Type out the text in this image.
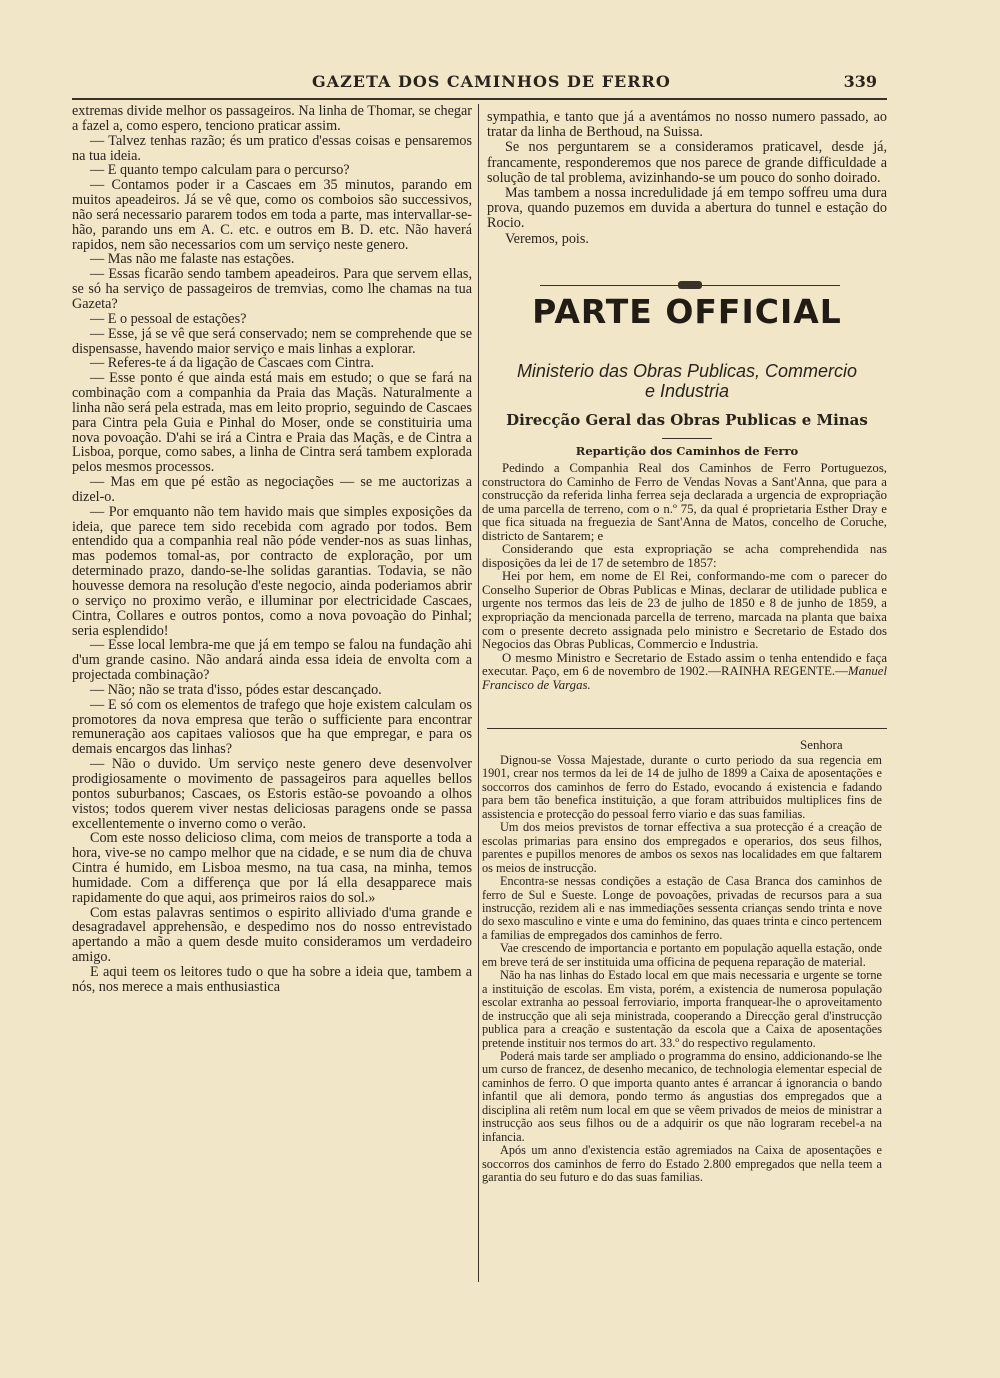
GAZETA DOS CAMINHOS DE FERRO	339

extremas divide melhor os passageiros. Na linha de Thomar, se chegar a fazel a, como espero, tenciono praticar assim.

— Talvez tenhas razão; és um pratico d'essas coisas e pensaremos na tua ideia.

— E quanto tempo calculam para o percurso?

— Contamos poder ir a Cascaes em 35 minutos, parando em muitos apeadeiros. Já se vê que, como os comboios são successivos, não será necessario pararem todos em toda a parte, mas intervallar-se-hão, parando uns em A. C. etc. e outros em B. D. etc. Não haverá rapidos, nem são necessarios com um serviço neste genero.

— Mas não me falaste nas estações.

— Essas ficarão sendo tambem apeadeiros. Para que servem ellas, se só ha serviço de passageiros de tremvias, como lhe chamas na tua Gazeta?

— E o pessoal de estações?

— Esse, já se vê que será conservado; nem se comprehende que se dispensasse, havendo maior serviço e mais linhas a explorar.

— Referes-te á da ligação de Cascaes com Cintra.

— Esse ponto é que ainda está mais em estudo; o que se fará na combinação com a companhia da Praia das Maçãs. Naturalmente a linha não será pela estrada, mas em leito proprio, seguindo de Cascaes para Cintra pela Guia e Pinhal do Moser, onde se constituiria uma nova povoação. D'ahi se irá a Cintra e Praia das Maçãs, e de Cintra a Lisboa, porque, como sabes, a linha de Cintra será tambem explorada pelos mesmos processos.

— Mas em que pé estão as negociações — se me auctorizas a dizel-o.

— Por emquanto não tem havido mais que simples exposições da ideia, que parece tem sido recebida com agrado por todos. Bem entendido qua a companhia real não póde vender-nos as suas linhas, mas podemos tomal-as, por contracto de exploração, por um determinado prazo, dando-se-lhe solidas garantias. Todavia, se não houvesse demora na resolução d'este negocio, ainda poderiamos abrir o serviço no proximo verão, e illuminar por electricidade Cascaes, Cintra, Collares e outros pontos, como a nova povoação do Pinhal; seria esplendido!

— Esse local lembra-me que já em tempo se falou na fundação ahi d'um grande casino. Não andará ainda essa ideia de envolta com a projectada combinação?

— Não; não se trata d'isso, pódes estar descançado.

— E só com os elementos de trafego que hoje existem calculam os promotores da nova empresa que terão o sufficiente para encontrar remuneração aos capitaes valiosos que ha que empregar, e para os demais encargos das linhas?

— Não o duvido. Um serviço neste genero deve desenvolver prodigiosamente o movimento de passageiros para aquelles bellos pontos suburbanos; Cascaes, os Estoris estão-se povoando a olhos vistos; todos querem viver nestas deliciosas paragens onde se passa excellentemente o inverno como o verão.

Com este nosso delicioso clima, com meios de transporte a toda a hora, vive-se no campo melhor que na cidade, e se num dia de chuva Cintra é humido, em Lisboa mesmo, na tua casa, na minha, temos humidade. Com a differença que por lá ella desapparece mais rapidamente do que aqui, aos primeiros raios do sol.»

Com estas palavras sentimos o espirito alliviado d'uma grande e desagradavel apprehensão, e despedimo nos do nosso entrevistado apertando a mão a quem desde muito consideramos um verdadeiro amigo.

E aqui teem os leitores tudo o que ha sobre a ideia que, tambem a nós, nos merece a mais enthusiastica

sympathia, e tanto que já a aventámos no nosso numero passado, ao tratar da linha de Berthoud, na Suissa.

Se nos perguntarem se a consideramos praticavel, desde já, francamente, responderemos que nos parece de grande difficuldade a solução de tal problema, avizinhando-se um pouco do sonho doirado.

Mas tambem a nossa incredulidade já em tempo soffreu uma dura prova, quando puzemos em duvida a abertura do tunnel e estação do Rocio.

Veremos, pois.

PARTE OFFICIAL
Ministerio das Obras Publicas, Commercio
e Industria
Direcção Geral das Obras Publicas e Minas
Repartição dos Caminhos de Ferro

Pedindo a Companhia Real dos Caminhos de Ferro Portuguezos, constructora do Caminho de Ferro de Vendas Novas a Sant'Anna, que para a construcção da referida linha ferrea seja declarada a urgencia de expropriação de uma parcella de terreno, com o n.º 75, da qual é proprietaria Esther Dray e que fica situada na freguezia de Sant'Anna de Matos, concelho de Coruche, districto de Santarem; e

Considerando que esta expropriação se acha comprehendida nas disposições da lei de 17 de setembro de 1857:

Hei por hem, em nome de El Rei, conformando-me com o parecer do Conselho Superior de Obras Publicas e Minas, declarar de utilidade publica e urgente nos termos das leis de 23 de julho de 1850 e 8 de junho de 1859, a expropriação da mencionada parcella de terreno, marcada na planta que baixa com o presente decreto assignada pelo ministro e Secretario de Estado dos Negocios das Obras Publicas, Commercio e Industria.

O mesmo Ministro e Secretario de Estado assim o tenha entendido e faça executar. Paço, em 6 de novembro de 1902.—RAINHA REGENTE.—Manuel Francisco de Vargas.

Senhora

Dignou-se Vossa Majestade, durante o curto periodo da sua regencia em 1901, crear nos termos da lei de 14 de julho de 1899 a Caixa de aposentações e soccorros dos caminhos de ferro do Estado, evocando á existencia e fadando para bem tão benefica instituição, a que foram attribuidos multiplices fins de assistencia e protecção do pessoal ferro viario e das suas familias.

Um dos meios previstos de tornar effectiva a sua protecção é a creação de escolas primarias para ensino dos empregados e operarios, dos seus filhos, parentes e pupillos menores de ambos os sexos nas localidades em que faltarem os meios de instrucção.

Encontra-se nessas condições a estação de Casa Branca dos caminhos de ferro de Sul e Sueste. Longe de povoações, privadas de recursos para a sua instrucção, rezidem ali e nas immediações sessenta crianças sendo trinta e nove do sexo masculino e vinte e uma do feminino, das quaes trinta e cinco pertencem a familias de empregados dos caminhos de ferro.

Vae crescendo de importancia e portanto em população aquella estação, onde em breve terá de ser instituida uma officina de pequena reparação de material.

Não ha nas linhas do Estado local em que mais necessaria e urgente se torne a instituição de escolas. Em vista, porém, a existencia de numerosa população escolar extranha ao pessoal ferroviario, importa franquear-lhe o aproveitamento de instrucção que ali seja ministrada, cooperando a Direcção geral d'instrucção publica para a creação e sustentação da escola que a Caixa de aposentações pretende instituir nos termos do art. 33.º do respectivo regulamento.

Poderá mais tarde ser ampliado o programma do ensino, addicionando-se lhe um curso de francez, de desenho mecanico, de technologia elementar especial de caminhos de ferro. O que importa quanto antes é arrancar á ignorancia o bando infantil que ali demora, pondo termo ás angustias dos empregados que a disciplina ali retêm num local em que se vêem privados de meios de ministrar a instrucção aos seus filhos ou de a adquirir os que não lograram recebel-a na infancia.

Após um anno d'existencia estão agremiados na Caixa de aposentações e soccorros dos caminhos de ferro do Estado 2.800 empregados que nella teem a garantia do seu futuro e do das suas familias.
